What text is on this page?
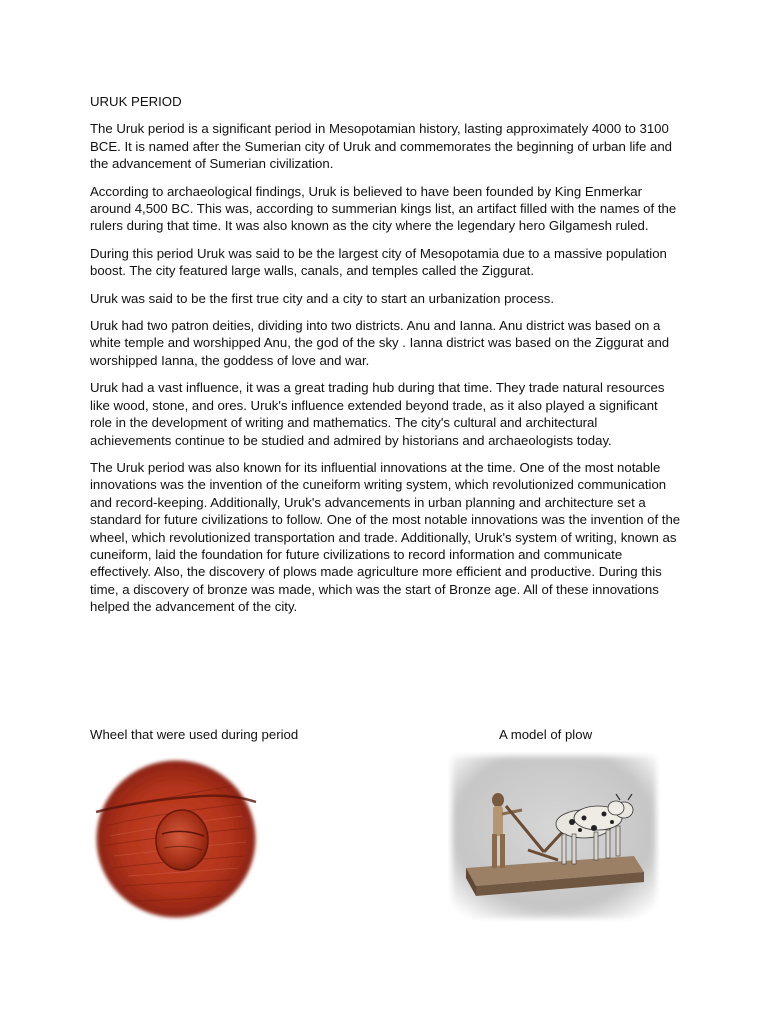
URUK PERIOD

The Uruk period is a significant period in Mesopotamian history, lasting approximately 4000 to 3100 BCE. It is named after the Sumerian city of Uruk and commemorates the beginning of urban life and the advancement of Sumerian civilization.

According to archaeological findings, Uruk is believed to have been founded by King Enmerkar around 4,500 BC. This was, according to summerian kings list, an artifact filled with the names of the rulers during that time. It was also known as the city where the legendary hero Gilgamesh ruled.

During this period Uruk was said to be the largest city of Mesopotamia due to a massive population boost. The city featured large walls, canals, and temples called the Ziggurat.

Uruk was said to be the first true city and a city to start an urbanization process.

Uruk had two patron deities, dividing into two districts. Anu and Ianna. Anu district was based on a white temple and worshipped Anu, the god of the sky . Ianna district was based on the Ziggurat and worshipped Ianna, the goddess of love and war.

Uruk had a vast influence, it was a great trading hub during that time. They trade natural resources like wood, stone, and ores. Uruk's influence extended beyond trade, as it also played a significant role in the development of writing and mathematics. The city's cultural and architectural achievements continue to be studied and admired by historians and archaeologists today.

The Uruk period was also known for its influential innovations at the time. One of the most notable innovations was the invention of the cuneiform writing system, which revolutionized communication and record-keeping. Additionally, Uruk's advancements in urban planning and architecture set a standard for future civilizations to follow. One of the most notable innovations was the invention of the wheel, which revolutionized transportation and trade. Additionally, Uruk's system of writing, known as cuneiform, laid the foundation for future civilizations to record information and communicate effectively. Also, the discovery of plows made agriculture more efficient and productive. During this time, a discovery of bronze was made, which was the start of Bronze age. All of these innovations helped the advancement of the city.

Wheel that were used during period	A model of plow
